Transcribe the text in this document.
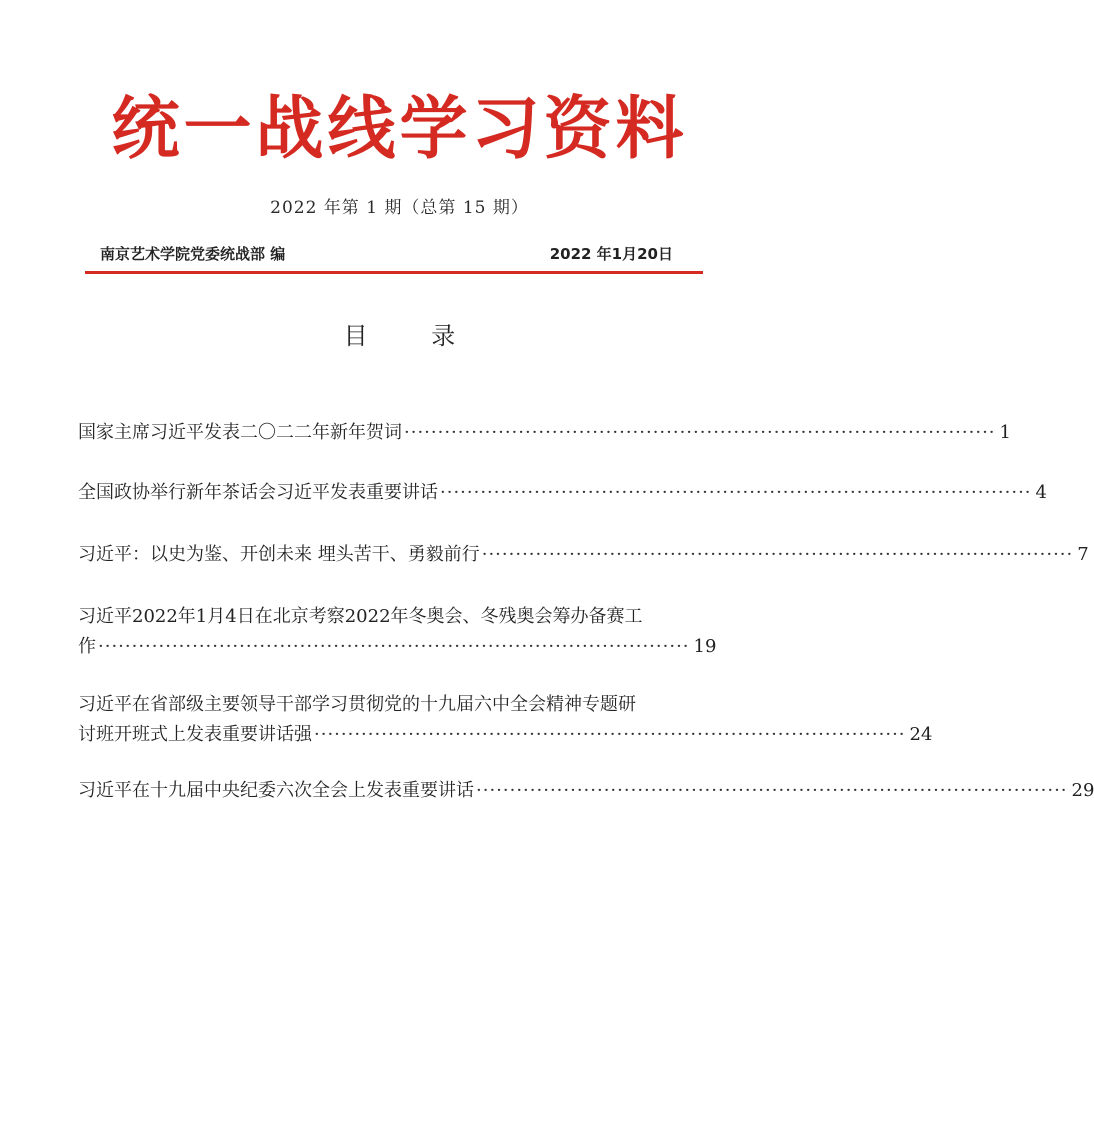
统一战线学习资料
2022 年第 1 期（总第 15 期）
南京艺术学院党委统战部 编	2022 年1月20日
目 录
国家主席习近平发表二〇二二年新年贺词 ························································································ 1
全国政协举行新年茶话会习近平发表重要讲话 ························································································ 4
习近平：以史为鉴、开创未来 埋头苦干、勇毅前行 ························································································ 7
习近平2022年1月4日在北京考察2022年冬奥会、冬残奥会筹办备赛工
作 ························································································ 19
习近平在省部级主要领导干部学习贯彻党的十九届六中全会精神专题研
讨班开班式上发表重要讲话强 ························································································ 24
习近平在十九届中央纪委六次全会上发表重要讲话 ························································································ 29
